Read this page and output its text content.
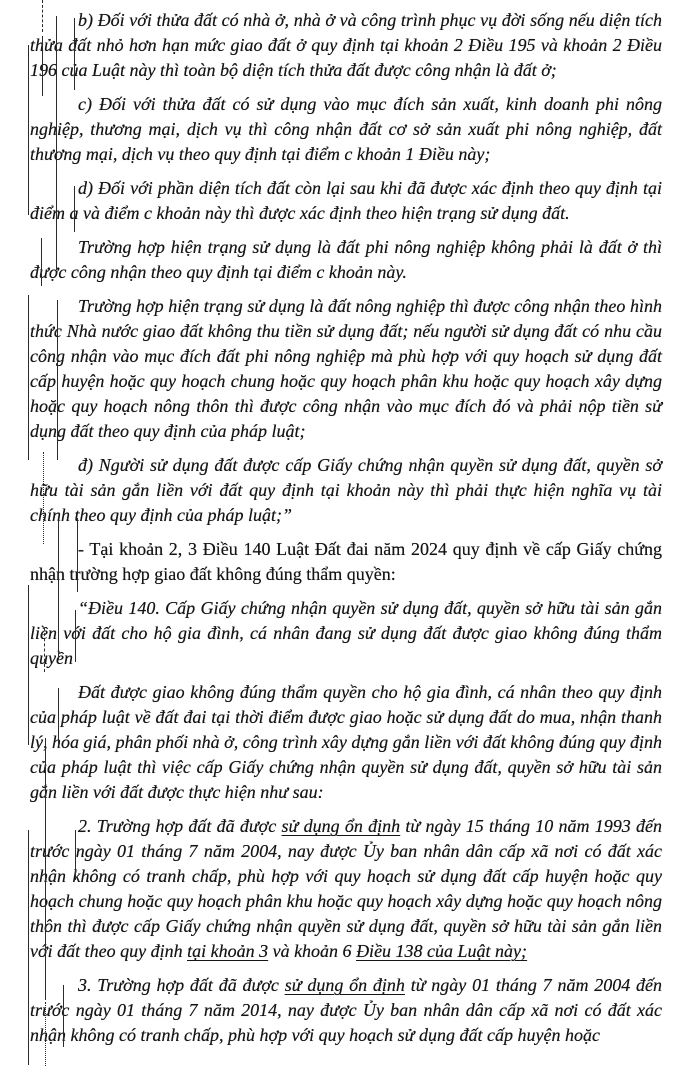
b) Đối với thửa đất có nhà ở, nhà ở và công trình phục vụ đời sống nếu diện tích thửa đất nhỏ hơn hạn mức giao đất ở quy định tại khoản 2 Điều 195 và khoản 2 Điều 196 của Luật này thì toàn bộ diện tích thửa đất được công nhận là đất ở;

c) Đối với thửa đất có sử dụng vào mục đích sản xuất, kinh doanh phi nông nghiệp, thương mại, dịch vụ thì công nhận đất cơ sở sản xuất phi nông nghiệp, đất thương mại, dịch vụ theo quy định tại điểm c khoản 1 Điều này;

d) Đối với phần diện tích đất còn lại sau khi đã được xác định theo quy định tại điểm a và điểm c khoản này thì được xác định theo hiện trạng sử dụng đất.

Trường hợp hiện trạng sử dụng là đất phi nông nghiệp không phải là đất ở thì được công nhận theo quy định tại điểm c khoản này.

Trường hợp hiện trạng sử dụng là đất nông nghiệp thì được công nhận theo hình thức Nhà nước giao đất không thu tiền sử dụng đất; nếu người sử dụng đất có nhu cầu công nhận vào mục đích đất phi nông nghiệp mà phù hợp với quy hoạch sử dụng đất cấp huyện hoặc quy hoạch chung hoặc quy hoạch phân khu hoặc quy hoạch xây dựng hoặc quy hoạch nông thôn thì được công nhận vào mục đích đó và phải nộp tiền sử dụng đất theo quy định của pháp luật;

đ) Người sử dụng đất được cấp Giấy chứng nhận quyền sử dụng đất, quyền sở hữu tài sản gắn liền với đất quy định tại khoản này thì phải thực hiện nghĩa vụ tài chính theo quy định của pháp luật;”

- Tại khoản 2, 3 Điều 140 Luật Đất đai năm 2024 quy định về cấp Giấy chứng nhận trường hợp giao đất không đúng thẩm quyền:

“Điều 140. Cấp Giấy chứng nhận quyền sử dụng đất, quyền sở hữu tài sản gắn liền với đất cho hộ gia đình, cá nhân đang sử dụng đất được giao không đúng thẩm quyền

Đất được giao không đúng thẩm quyền cho hộ gia đình, cá nhân theo quy định của pháp luật về đất đai tại thời điểm được giao hoặc sử dụng đất do mua, nhận thanh lý, hóa giá, phân phối nhà ở, công trình xây dựng gắn liền với đất không đúng quy định của pháp luật thì việc cấp Giấy chứng nhận quyền sử dụng đất, quyền sở hữu tài sản gắn liền với đất được thực hiện như sau:

2. Trường hợp đất đã được sử dụng ổn định từ ngày 15 tháng 10 năm 1993 đến trước ngày 01 tháng 7 năm 2004, nay được Ủy ban nhân dân cấp xã nơi có đất xác nhận không có tranh chấp, phù hợp với quy hoạch sử dụng đất cấp huyện hoặc quy hoạch chung hoặc quy hoạch phân khu hoặc quy hoạch xây dựng hoặc quy hoạch nông thôn thì được cấp Giấy chứng nhận quyền sử dụng đất, quyền sở hữu tài sản gắn liền với đất theo quy định tại khoản 3 và khoản 6 Điều 138 của Luật này;

3. Trường hợp đất đã được sử dụng ổn định từ ngày 01 tháng 7 năm 2004 đến trước ngày 01 tháng 7 năm 2014, nay được Ủy ban nhân dân cấp xã nơi có đất xác nhận không có tranh chấp, phù hợp với quy hoạch sử dụng đất cấp huyện hoặc
